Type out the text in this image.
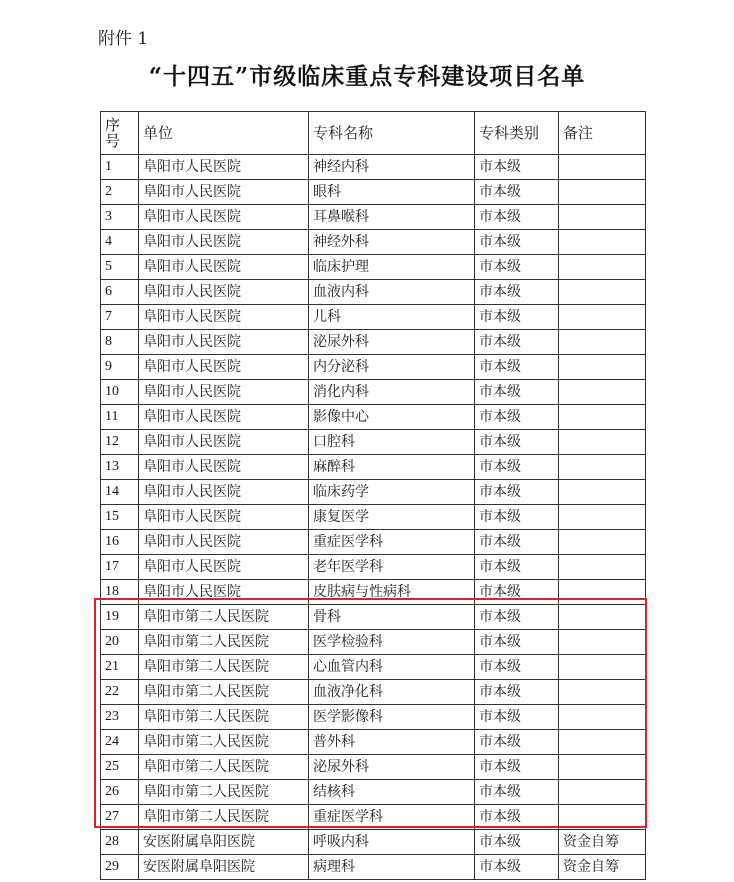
附件 1
“十四五”市级临床重点专科建设项目名单
序
号	单位	专科名称	专科类别	备注
1	阜阳市人民医院	神经内科	市本级	
2	阜阳市人民医院	眼科	市本级	
3	阜阳市人民医院	耳鼻喉科	市本级	
4	阜阳市人民医院	神经外科	市本级	
5	阜阳市人民医院	临床护理	市本级	
6	阜阳市人民医院	血液内科	市本级	
7	阜阳市人民医院	儿科	市本级	
8	阜阳市人民医院	泌尿外科	市本级	
9	阜阳市人民医院	内分泌科	市本级	
10	阜阳市人民医院	消化内科	市本级	
11	阜阳市人民医院	影像中心	市本级	
12	阜阳市人民医院	口腔科	市本级	
13	阜阳市人民医院	麻醉科	市本级	
14	阜阳市人民医院	临床药学	市本级	
15	阜阳市人民医院	康复医学	市本级	
16	阜阳市人民医院	重症医学科	市本级	
17	阜阳市人民医院	老年医学科	市本级	
18	阜阳市人民医院	皮肤病与性病科	市本级	
19	阜阳市第二人民医院	骨科	市本级	
20	阜阳市第二人民医院	医学检验科	市本级	
21	阜阳市第二人民医院	心血管内科	市本级	
22	阜阳市第二人民医院	血液净化科	市本级	
23	阜阳市第二人民医院	医学影像科	市本级	
24	阜阳市第二人民医院	普外科	市本级	
25	阜阳市第二人民医院	泌尿外科	市本级	
26	阜阳市第二人民医院	结核科	市本级	
27	阜阳市第二人民医院	重症医学科	市本级	
28	安医附属阜阳医院	呼吸内科	市本级	资金自筹
29	安医附属阜阳医院	病理科	市本级	资金自筹
